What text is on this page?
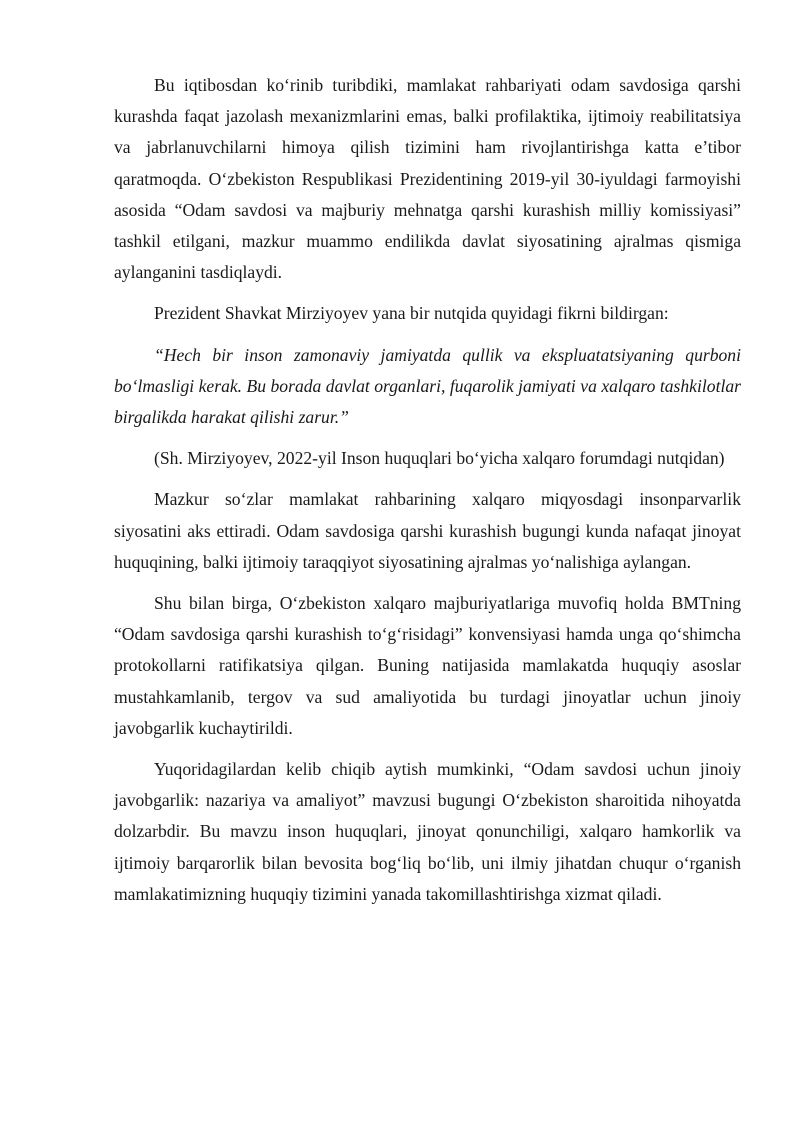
Bu iqtibosdan ko‘rinib turibdiki, mamlakat rahbariyati odam savdosiga qarshi kurashda faqat jazolash mexanizmlarini emas, balki profilaktika, ijtimoiy reabilitatsiya va jabrlanuvchilarni himoya qilish tizimini ham rivojlantirishga katta e’tibor qaratmoqda. O‘zbekiston Respublikasi Prezidentining 2019-yil 30-iyuldagi farmoyishi asosida “Odam savdosi va majburiy mehnatga qarshi kurashish milliy komissiyasi” tashkil etilgani, mazkur muammo endilikda davlat siyosatining ajralmas qismiga aylanganini tasdiqlaydi.

Prezident Shavkat Mirziyoyev yana bir nutqida quyidagi fikrni bildirgan:

“Hech bir inson zamonaviy jamiyatda qullik va ekspluatatsiyaning qurboni bo‘lmasligi kerak. Bu borada davlat organlari, fuqarolik jamiyati va xalqaro tashkilotlar birgalikda harakat qilishi zarur.”

(Sh. Mirziyoyev, 2022-yil Inson huquqlari bo‘yicha xalqaro forumdagi nutqidan)

Mazkur so‘zlar mamlakat rahbarining xalqaro miqyosdagi insonparvarlik siyosatini aks ettiradi. Odam savdosiga qarshi kurashish bugungi kunda nafaqat jinoyat huquqining, balki ijtimoiy taraqqiyot siyosatining ajralmas yo‘nalishiga aylangan.

Shu bilan birga, O‘zbekiston xalqaro majburiyatlariga muvofiq holda BMTning “Odam savdosiga qarshi kurashish to‘g‘risidagi” konvensiyasi hamda unga qo‘shimcha protokollarni ratifikatsiya qilgan. Buning natijasida mamlakatda huquqiy asoslar mustahkamlanib, tergov va sud amaliyotida bu turdagi jinoyatlar uchun jinoiy javobgarlik kuchaytirildi.

Yuqoridagilardan kelib chiqib aytish mumkinki, “Odam savdosi uchun jinoiy javobgarlik: nazariya va amaliyot” mavzusi bugungi O‘zbekiston sharoitida nihoyatda dolzarbdir. Bu mavzu inson huquqlari, jinoyat qonunchiligi, xalqaro hamkorlik va ijtimoiy barqarorlik bilan bevosita bog‘liq bo‘lib, uni ilmiy jihatdan chuqur o‘rganish mamlakatimizning huquqiy tizimini yanada takomillashtirishga xizmat qiladi.
